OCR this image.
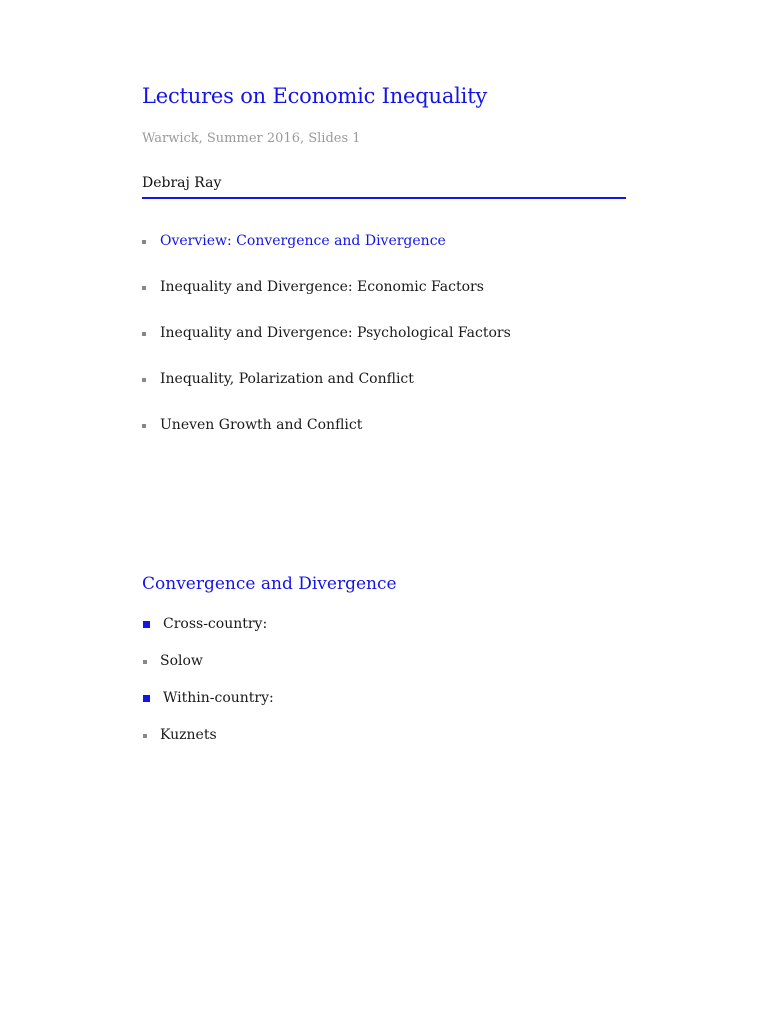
Lectures on Economic Inequality
Warwick, Summer 2016, Slides 1
Debraj Ray
Overview: Convergence and Divergence
Inequality and Divergence: Economic Factors
Inequality and Divergence: Psychological Factors
Inequality, Polarization and Conflict
Uneven Growth and Conflict
Convergence and Divergence
Cross-country:
Solow
Within-country:
Kuznets
